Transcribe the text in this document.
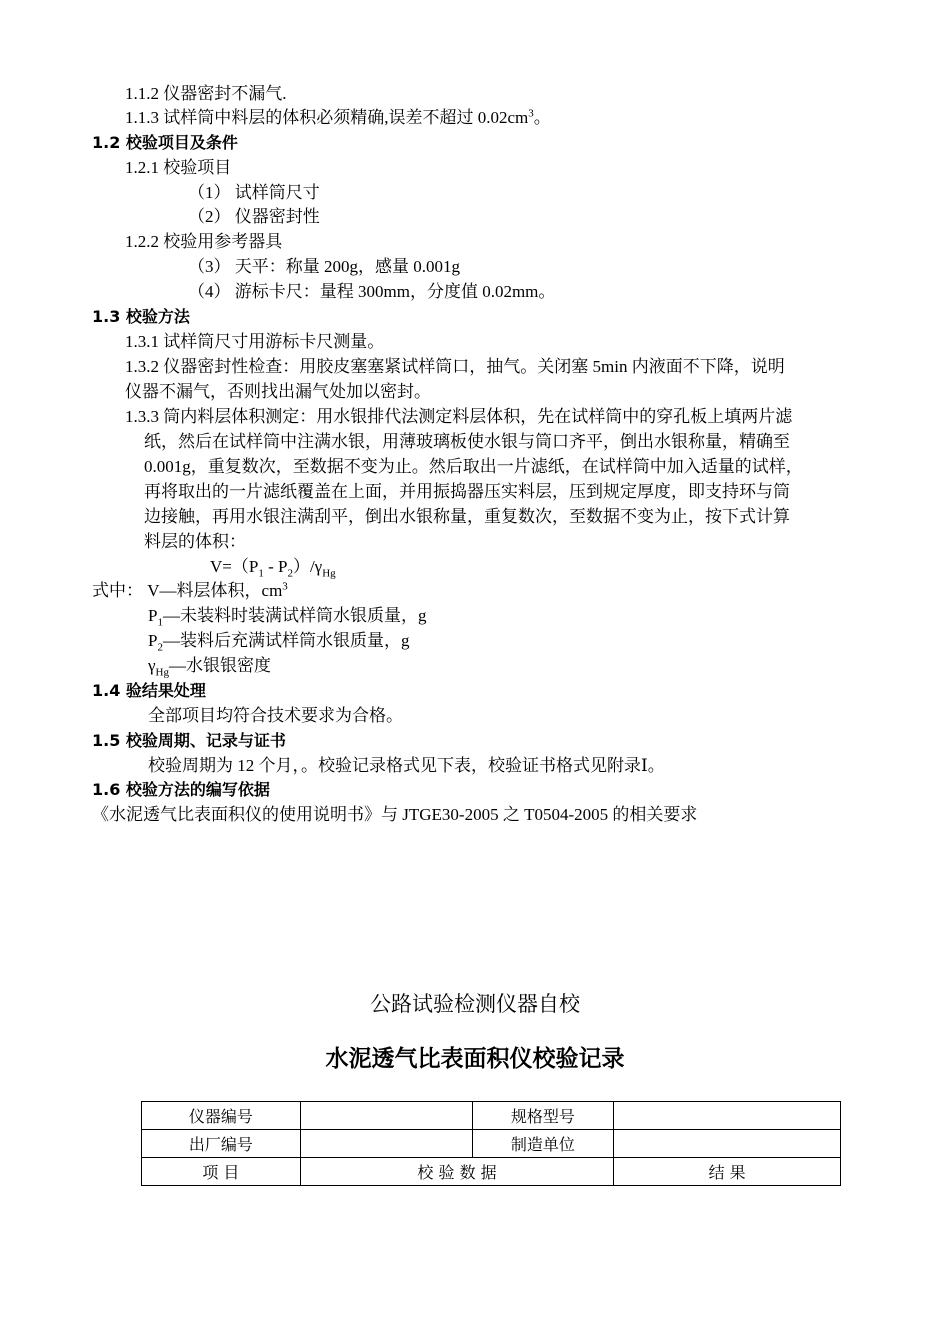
1.1.2 仪器密封不漏气.
1.1.3 试样筒中料层的体积必须精确,误差不超过 $0.02cm^3$。
1.2 校验项目及条件
1.2.1 校验项目
（1） 试样筒尺寸
（2） 仪器密封性
1.2.2 校验用参考器具
（3） 天平：称量 200g，感量 0.001g
（4） 游标卡尺：量程 300mm，分度值 0.02mm。
1.3 校验方法
1.3.1 试样筒尺寸用游标卡尺测量。
1.3.2 仪器密封性检查：用胶皮塞塞紧试样筒口，抽气。关闭塞 5min 内液面不下降，说明
仪器不漏气，否则找出漏气处加以密封。
1.3.3 筒内料层体积测定：用水银排代法测定料层体积，先在试样筒中的穿孔板上填两片滤
纸，然后在试样筒中注满水银，用薄玻璃板使水银与筒口齐平，倒出水银称量，精确至
0.001g，重复数次，至数据不变为止。然后取出一片滤纸，在试样筒中加入适量的试样，
再将取出的一片滤纸覆盖在上面，并用振捣器压实料层，压到规定厚度，即支持环与筒
边接触，再用水银注满刮平，倒出水银称量，重复数次，至数据不变为止，按下式计算
料层的体积：
$V=(P_1 - P_2)/\gamma_{Hg}$
式中： V—料层体积，$cm^3$
$P_1—$未装料时装满试样筒水银质量，g
$P_2—$装料后充满试样筒水银质量，g
$\gamma_{Hg}—$水银银密度
1.4 验结果处理
全部项目均符合技术要求为合格。
1.5 校验周期、记录与证书
校验周期为 12 个月，。校验记录格式见下表，校验证书格式见附录Ⅰ。
1.6 校验方法的编写依据
《水泥透气比表面积仪的使用说明书》与 JTGE30-2005 之 T0504-2005 的相关要求
公路试验检测仪器自校
水泥透气比表面积仪校验记录
仪器编号		规格型号	
出厂编号		制造单位	
项 目	校 验 数 据		结 果
